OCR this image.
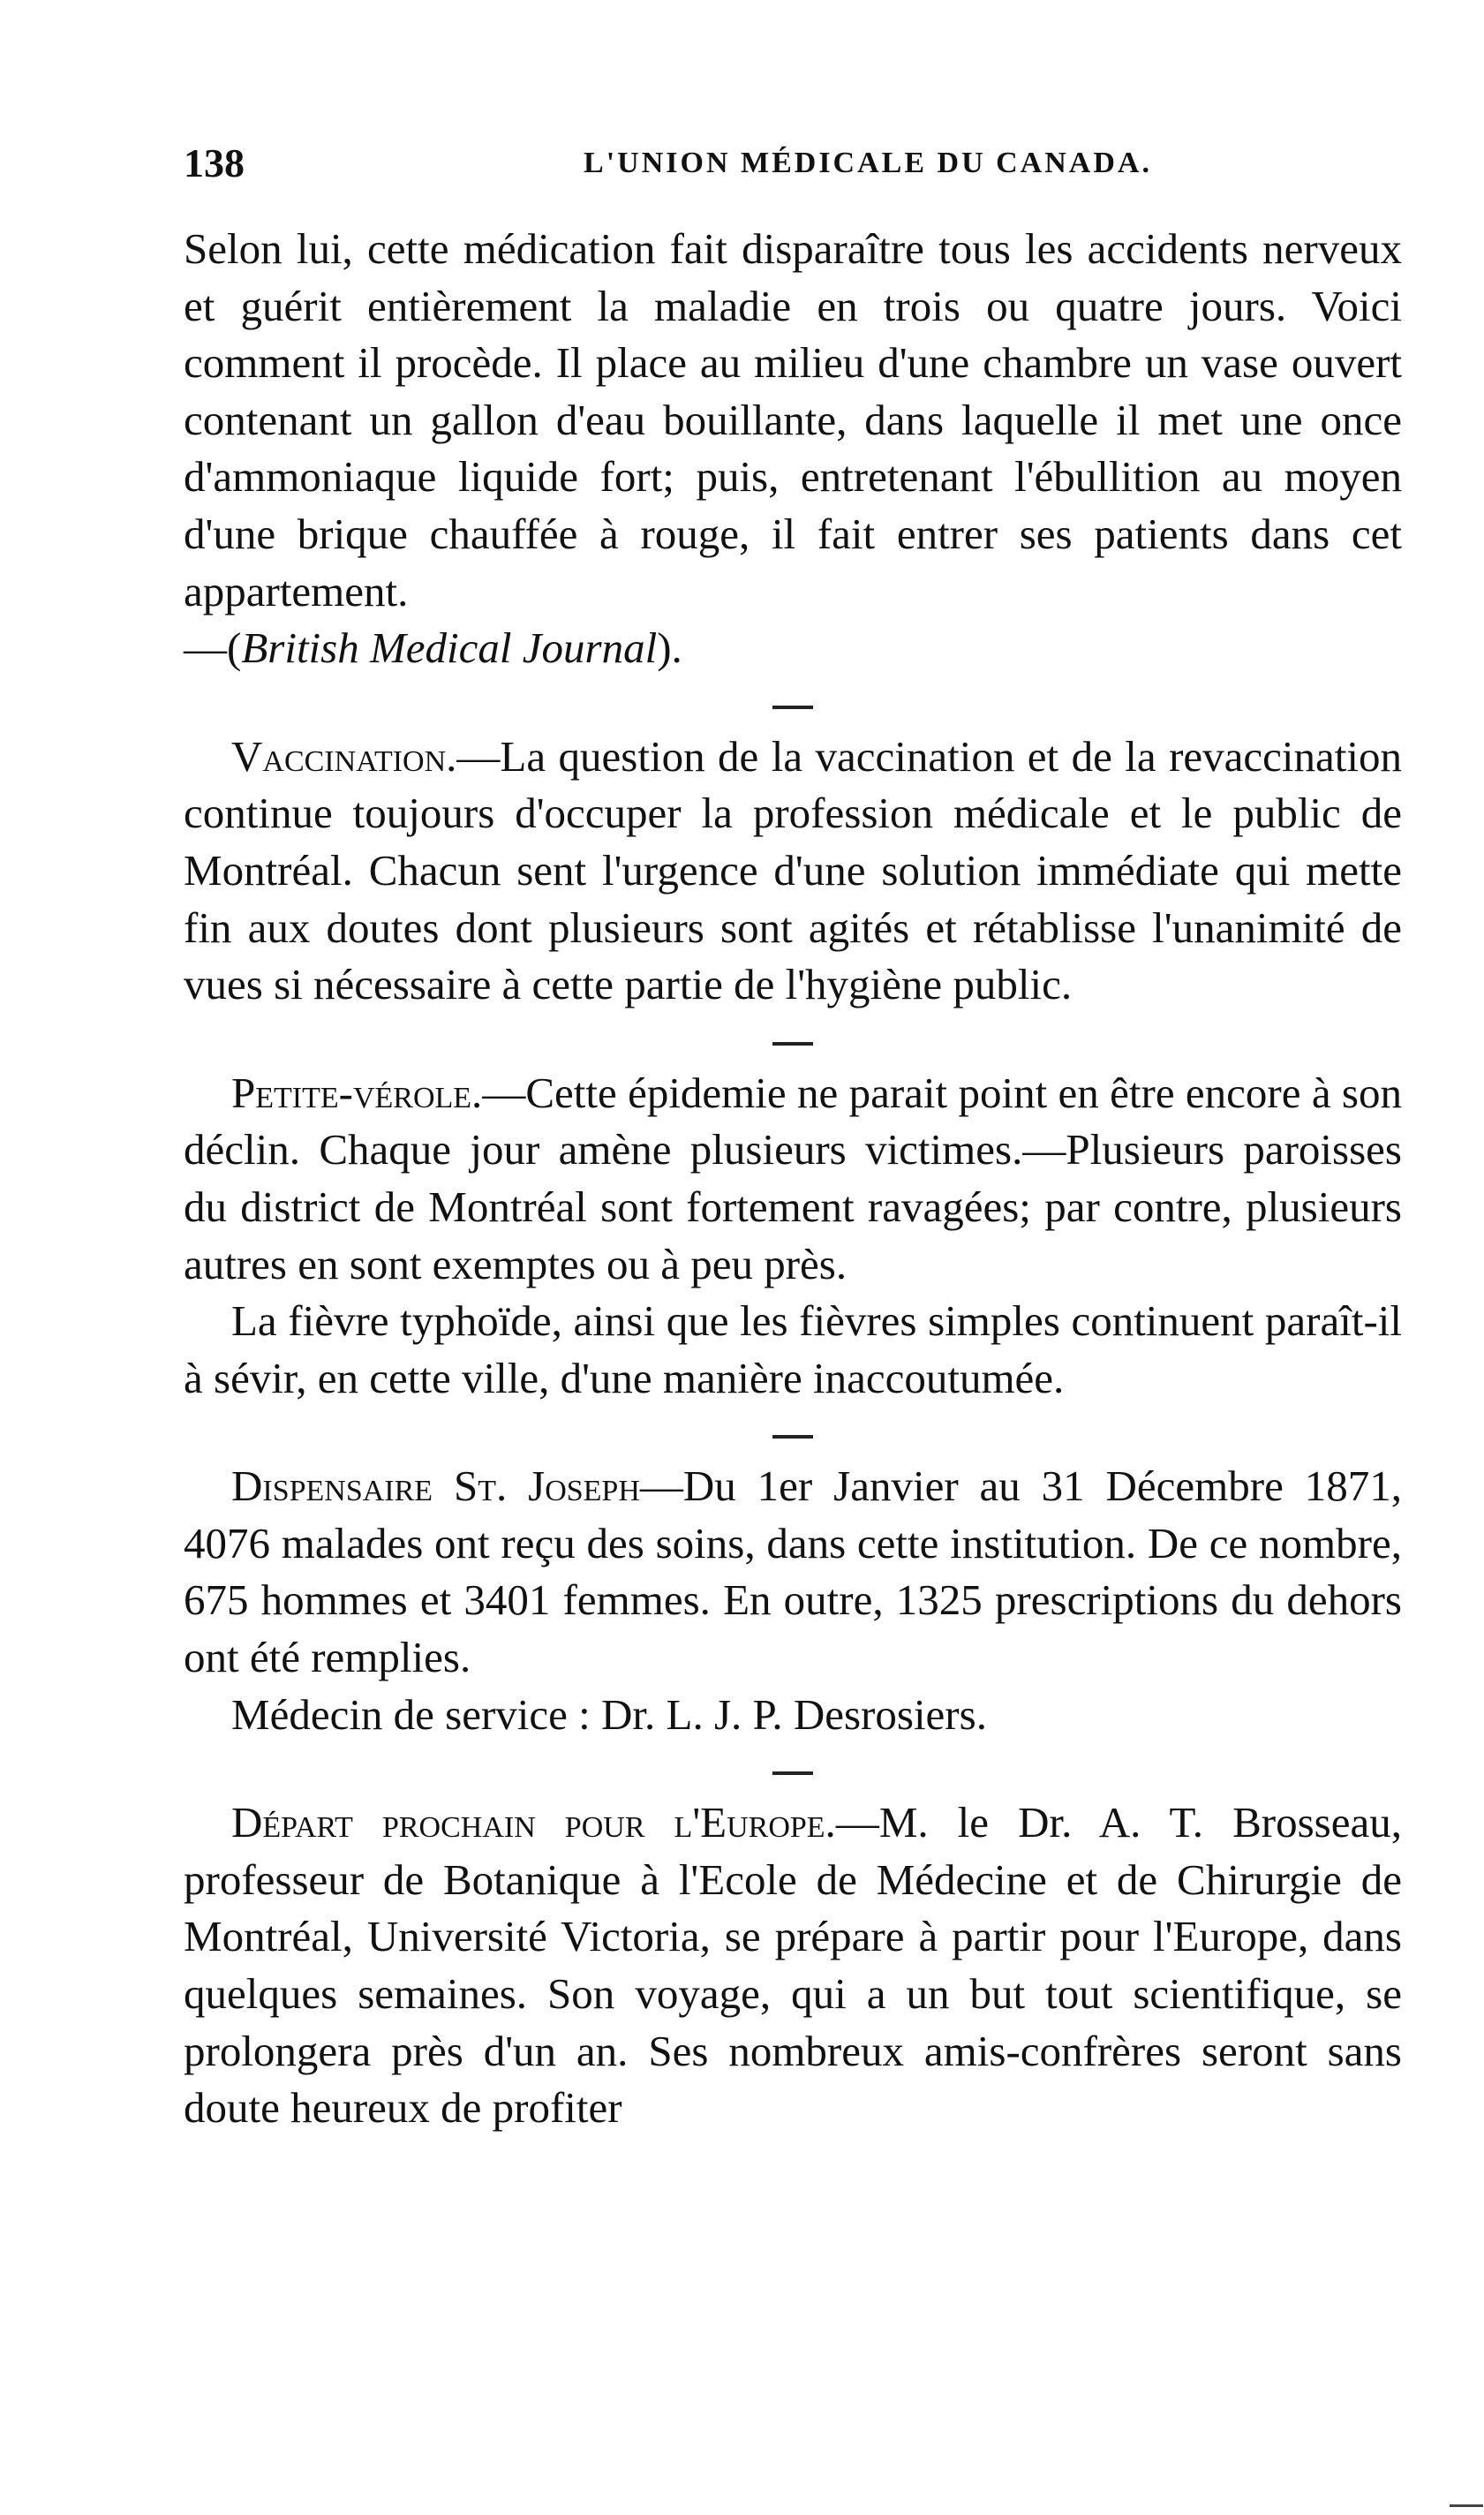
138	L'UNION MÉDICALE DU CANADA.

Selon lui, cette médication fait disparaître tous les accidents nerveux et guérit entièrement la maladie en trois ou quatre jours. Voici comment il procède. Il place au milieu d'une chambre un vase ouvert contenant un gallon d'eau bouillante, dans laquelle il met une once d'ammoniaque liquide fort; puis, entretenant l'ébullition au moyen d'une brique chauffée à rouge, il fait entrer ses patients dans cet appartement.

—(British Medical Journal).

Vaccination.—La question de la vaccination et de la revaccination continue toujours d'occuper la profession médicale et le public de Montréal. Chacun sent l'urgence d'une solution immédiate qui mette fin aux doutes dont plusieurs sont agités et rétablisse l'unanimité de vues si nécessaire à cette partie de l'hygiène public.

Petite-vérole.—Cette épidemie ne parait point en être encore à son déclin. Chaque jour amène plusieurs victimes.—Plusieurs paroisses du district de Montréal sont fortement ravagées; par contre, plusieurs autres en sont exemptes ou à peu près.

La fièvre typhoïde, ainsi que les fièvres simples continuent paraît-il à sévir, en cette ville, d'une manière inaccoutumée.

Dispensaire St. Joseph—Du 1er Janvier au 31 Décembre 1871, 4076 malades ont reçu des soins, dans cette institution. De ce nombre, 675 hommes et 3401 femmes. En outre, 1325 prescriptions du dehors ont été remplies.

Médecin de service : Dr. L. J. P. Desrosiers.

Départ prochain pour l'Europe.—M. le Dr. A. T. Brosseau, professeur de Botanique à l'Ecole de Médecine et de Chirurgie de Montréal, Université Victoria, se prépare à partir pour l'Europe, dans quelques semaines. Son voyage, qui a un but tout scientifique, se prolongera près d'un an. Ses nombreux amis-confrères seront sans doute heureux de profiter
